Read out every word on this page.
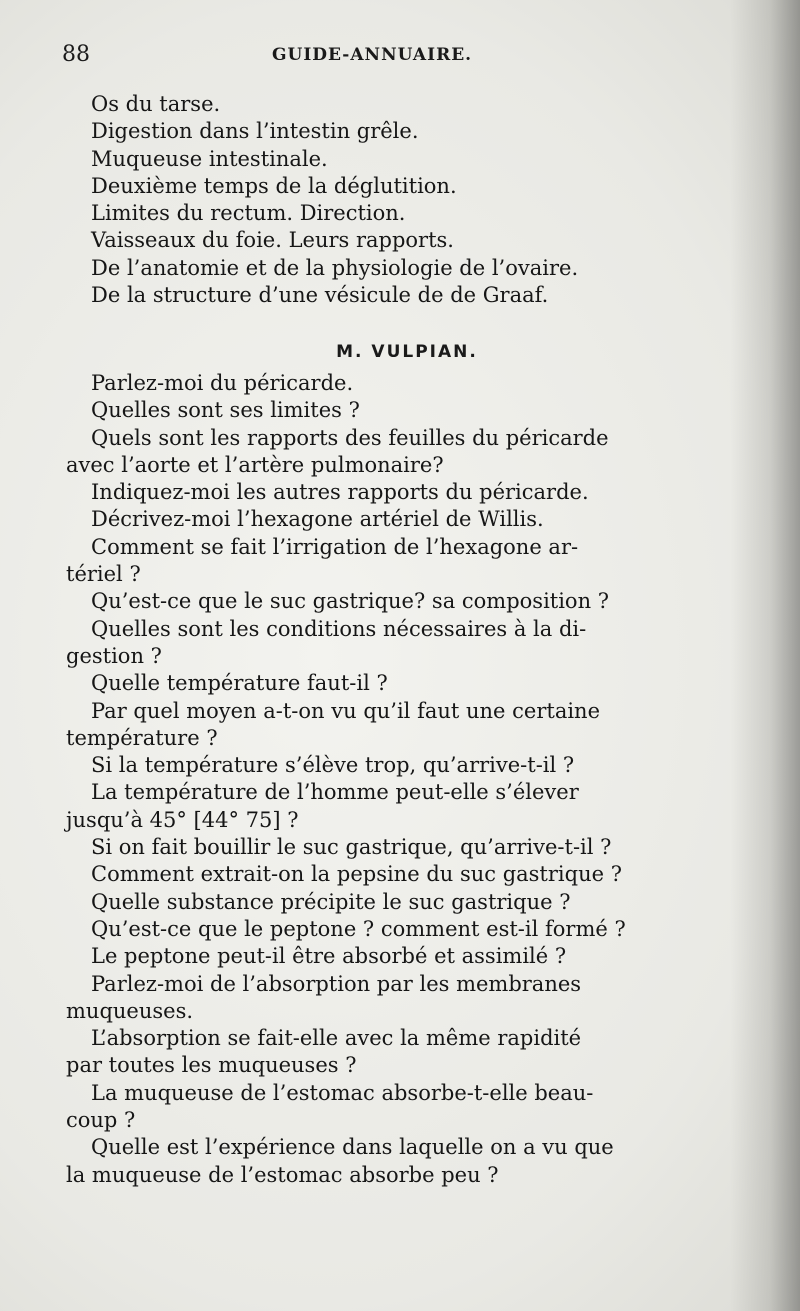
88	GUIDE-ANNUAIRE.
Os du tarse.
Digestion dans l’intestin grêle.
Muqueuse intestinale.
Deuxième temps de la déglutition.
Limites du rectum. Direction.
Vaisseaux du foie. Leurs rapports.
De l’anatomie et de la physiologie de l’ovaire.
De la structure d’une vésicule de de Graaf.
M. VULPIAN.
Parlez-moi du péricarde.
Quelles sont ses limites ?
Quels sont les rapports des feuilles du péricarde
avec l’aorte et l’artère pulmonaire?
Indiquez-moi les autres rapports du péricarde.
Décrivez-moi l’hexagone artériel de Willis.
Comment se fait l’irrigation de l’hexagone ar-
tériel ?
Qu’est-ce que le suc gastrique? sa composition ?
Quelles sont les conditions nécessaires à la di-
gestion ?
Quelle température faut-il ?
Par quel moyen a-t-on vu qu’il faut une certaine
température ?
Si la température s’élève trop, qu’arrive-t-il ?
La température de l’homme peut-elle s’élever
jusqu’à 45° [44° 75] ?
Si on fait bouillir le suc gastrique, qu’arrive-t-il ?
Comment extrait-on la pepsine du suc gastrique ?
Quelle substance précipite le suc gastrique ?
Qu’est-ce que le peptone ? comment est-il formé ?
Le peptone peut-il être absorbé et assimilé ?
Parlez-moi de l’absorption par les membranes
muqueuses.
L’absorption se fait-elle avec la même rapidité
par toutes les muqueuses ?
La muqueuse de l’estomac absorbe-t-elle beau-
coup ?
Quelle est l’expérience dans laquelle on a vu que
la muqueuse de l’estomac absorbe peu ?
